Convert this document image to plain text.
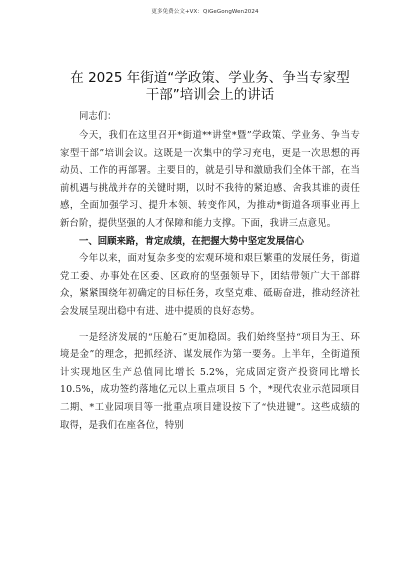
更多免费公文+VX：QiGeGongWen2024
在 2025 年街道“学政策、学业务、争当专家型
干部”培训会上的讲话

同志们：

今天，我们在这里召开*街道**讲堂*暨”学政策、学业务、争当专家型干部”培训会议。这既是一次集中的学习充电，更是一次思想的再动员、工作的再部署。主要目的，就是引导和激励我们全体干部，在当前机遇与挑战并存的关键时期，以时不我待的紧迫感、舍我其谁的责任感，全面加强学习、提升本领、转变作风，为推动*街道各项事业再上新台阶，提供坚强的人才保障和能力支撑。下面，我讲三点意见。

一、回顾来路，肯定成绩，在把握大势中坚定发展信心

今年以来，面对复杂多变的宏观环境和艰巨繁重的发展任务，街道党工委、办事处在区委、区政府的坚强领导下，团结带领广大干部群众，紧紧围绕年初确定的目标任务，攻坚克难、砥砺奋进，推动经济社会发展呈现出稳中有进、进中提质的良好态势。

一是经济发展的“压舱石”更加稳固。我们始终坚持“项目为王、环境是金”的理念，把抓经济、谋发展作为第一要务。上半年，全街道预计实现地区生产总值同比增长 5.2%，完成固定资产投资同比增长 10.5%，成功签约落地亿元以上重点项目 5 个，*现代农业示范园项目二期、*工业园项目等一批重点项目建设按下了“快进键”。这些成绩的取得，是我们在座各位，特别
